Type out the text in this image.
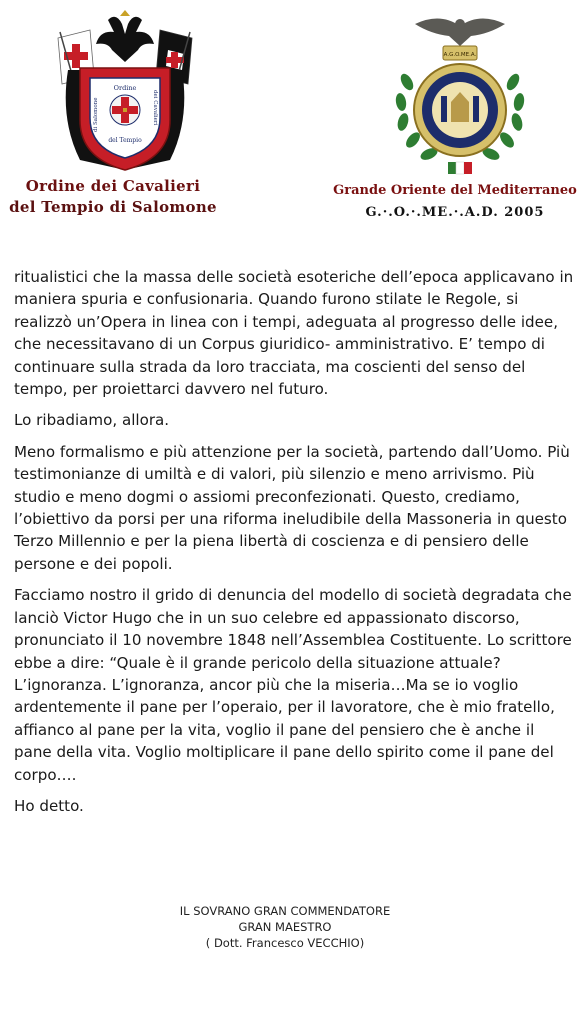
Ordine
del Tempio
dei Cavalieri
di Salomone
Ordine dei Cavalieri
del Tempio di Salomone
A.G.O.ME.A.
Grande Oriente del Mediterraneo
G.·.O.·.ME.·.A.D. 2005

ritualistici che la massa delle società esoteriche dell’epoca applicavano in maniera spuria e confusionaria. Quando furono stilate le Regole, si realizzò un’Opera in linea con i tempi, adeguata al progresso delle idee, che necessitavano di un Corpus giuridico- amministrativo. E’ tempo di continuare sulla strada da loro tracciata, ma coscienti del senso del tempo, per proiettarci davvero nel futuro.

Lo ribadiamo, allora.

Meno formalismo e più attenzione per la società, partendo dall’Uomo. Più testimonianze di umiltà e di valori, più silenzio e meno arrivismo. Più studio e meno dogmi o assiomi preconfezionati. Questo, crediamo, l’obiettivo da porsi per una riforma ineludibile della Massoneria in questo Terzo Millennio e per la piena libertà di coscienza e di pensiero delle persone e dei popoli.

Facciamo nostro il grido di denuncia del modello di società degradata che lanciò Victor Hugo che in un suo celebre ed appassionato discorso, pronunciato il 10 novembre 1848 nell’Assemblea Costituente. Lo scrittore ebbe a dire: “Quale è il grande pericolo della situazione attuale? L’ignoranza. L’ignoranza, ancor più che la miseria…Ma se io voglio ardentemente il pane per l’operaio, per il lavoratore, che è mio fratello, affianco al pane per la vita, voglio il pane del pensiero che è anche il pane della vita. Voglio moltiplicare il pane dello spirito come il pane del corpo….

Ho detto.

IL SOVRANO GRAN COMMENDATORE
GRAN MAESTRO
( Dott. Francesco VECCHIO)
